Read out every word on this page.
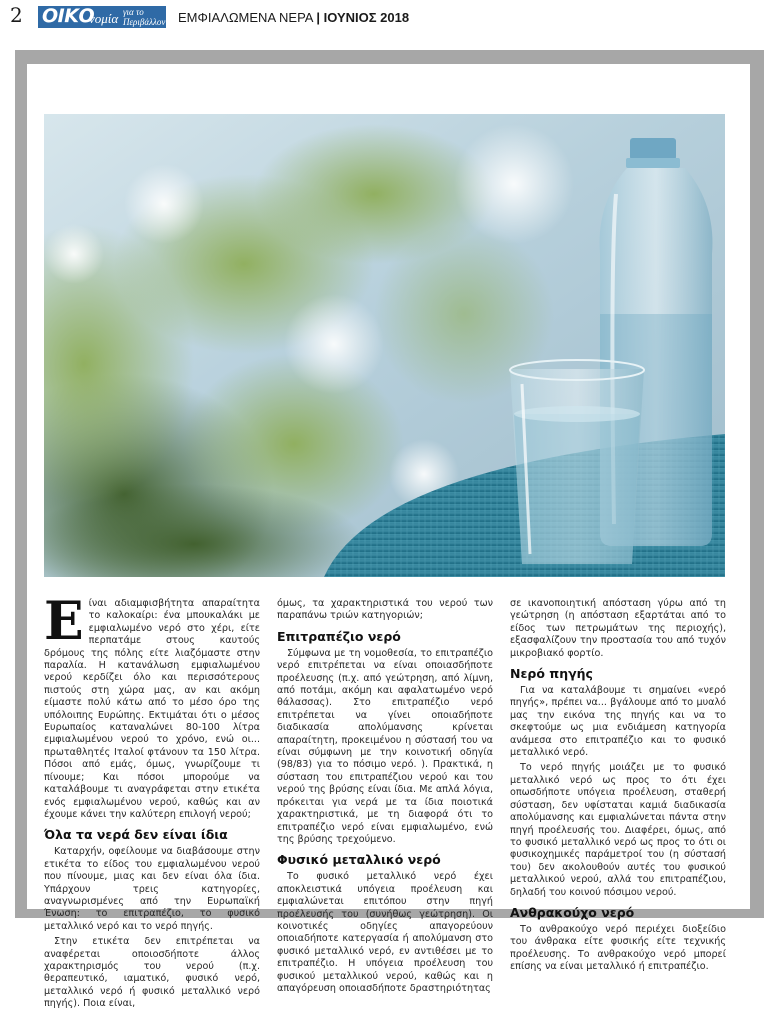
2 ΟΙΚΟ
νομία για το Περιβάλλον ΕΜΦΙΑΛΩΜΕΝΑ ΝΕΡΑ | ΙΟΥΝΙΟΣ 2018

Είναι αδιαμφισβήτητα απαραίτητα το καλοκαίρι: ένα μπουκαλάκι με εμφιαλωμένο νερό στο χέρι, είτε περπατάμε στους καυτούς δρόμους της πόλης είτε λιαζόμαστε στην παραλία. Η κατανάλωση εμφιαλωμένου νερού κερδίζει όλο και περισσότερους πιστούς στη χώρα μας, αν και ακόμη είμαστε πολύ κάτω από το μέσο όρο της υπόλοιπης Ευρώπης. Εκτιμάται ότι ο μέσος Ευρωπαίος καταναλώνει 80-100 λίτρα εμφιαλωμένου νερού το χρόνο, ενώ οι... πρωταθλητές Ιταλοί φτάνουν τα 150 λίτρα. Πόσοι από εμάς, όμως, γνωρίζουμε τι πίνουμε; Και πόσοι μπορούμε να καταλάβουμε τι αναγράφεται στην ετικέτα ενός εμφιαλωμένου νερού, καθώς και αν έχουμε κάνει την καλύτερη επιλογή νερού;

Όλα τα νερά δεν είναι ίδια

Καταρχήν, οφείλουμε να διαβάσουμε στην ετικέτα το είδος του εμφιαλωμένου νερού που πίνουμε, μιας και δεν είναι όλα ίδια. Υπάρχουν τρεις κατηγορίες, αναγνωρισμένες από την Ευρωπαϊκή Ένωση: το επιτραπέζιο, το φυσικό μεταλλικό νερό και το νερό πηγής.

Στην ετικέτα δεν επιτρέπεται να αναφέρεται οποιοσδήποτε άλλος χαρακτηρισμός του νερού (π.χ. θεραπευτικό, ιαματικό, φυσικό νερό, μεταλλικό νερό ή φυσικό μεταλλικό νερό πηγής). Ποια είναι,

όμως, τα χαρακτηριστικά του νερού των παραπάνω τριών κατηγοριών;

Επιτραπέζιο νερό

Σύμφωνα με τη νομοθεσία, το επιτραπέζιο νερό επιτρέπεται να είναι οποιασδήποτε προέλευσης (π.χ. από γεώτρηση, από λίμνη, από ποτάμι, ακόμη και αφαλατωμένο νερό θάλασσας). Στο επιτραπέζιο νερό επιτρέπεται να γίνει οποιαδήποτε διαδικασία απολύμανσης κρίνεται απαραίτητη, προκειμένου η σύστασή του να είναι σύμφωνη με την κοινοτική οδηγία (98/83) για το πόσιμο νερό. ). Πρακτικά, η σύσταση του επιτραπέζιου νερού και του νερού της βρύσης είναι ίδια. Με απλά λόγια, πρόκειται για νερά με τα ίδια ποιοτικά χαρακτηριστικά, με τη διαφορά ότι το επιτραπέζιο νερό είναι εμφιαλωμένο, ενώ της βρύσης τρεχούμενο.

Φυσικό μεταλλικό νερό

Το φυσικό μεταλλικό νερό έχει αποκλειστικά υπόγεια προέλευση και εμφιαλώνεται επιτόπου στην πηγή προέλευσής του (συνήθως γεώτρηση). Οι κοινοτικές οδηγίες απαγορεύουν οποιαδήποτε κατεργασία ή απολύμανση στο φυσικό μεταλλικό νερό, εν αντιθέσει με το επιτραπέζιο. Η υπόγεια προέλευση του φυσικού μεταλλικού νερού, καθώς και η απαγόρευση οποιασδήποτε δραστηριότητας

σε ικανοποιητική απόσταση γύρω από τη γεώτρηση (η απόσταση εξαρτάται από το είδος των πετρωμάτων της περιοχής), εξασφαλίζουν την προστασία του από τυχόν μικροβιακό φορτίο.

Νερό πηγής

Για να καταλάβουμε τι σημαίνει «νερό πηγής», πρέπει να... βγάλουμε από το μυαλό μας την εικόνα της πηγής και να το σκεφτούμε ως μια ενδιάμεση κατηγορία ανάμεσα στο επιτραπέζιο και το φυσικό μεταλλικό νερό.

Το νερό πηγής μοιάζει με το φυσικό μεταλλικό νερό ως προς το ότι έχει οπωσδήποτε υπόγεια προέλευση, σταθερή σύσταση, δεν υφίσταται καμιά διαδικασία απολύμανσης και εμφιαλώνεται πάντα στην πηγή προέλευσής του. Διαφέρει, όμως, από το φυσικό μεταλλικό νερό ως προς το ότι οι φυσικοχημικές παράμετροί του (η σύστασή του) δεν ακολουθούν αυτές του φυσικού μεταλλικού νερού, αλλά του επιτραπέζιου, δηλαδή του κοινού πόσιμου νερού.

Ανθρακούχο νερό

Το ανθρακούχο νερό περιέχει διοξείδιο του άνθρακα είτε φυσικής είτε τεχνικής προέλευσης. Το ανθρακούχο νερό μπορεί επίσης να είναι μεταλλικό ή επιτραπέζιο.
